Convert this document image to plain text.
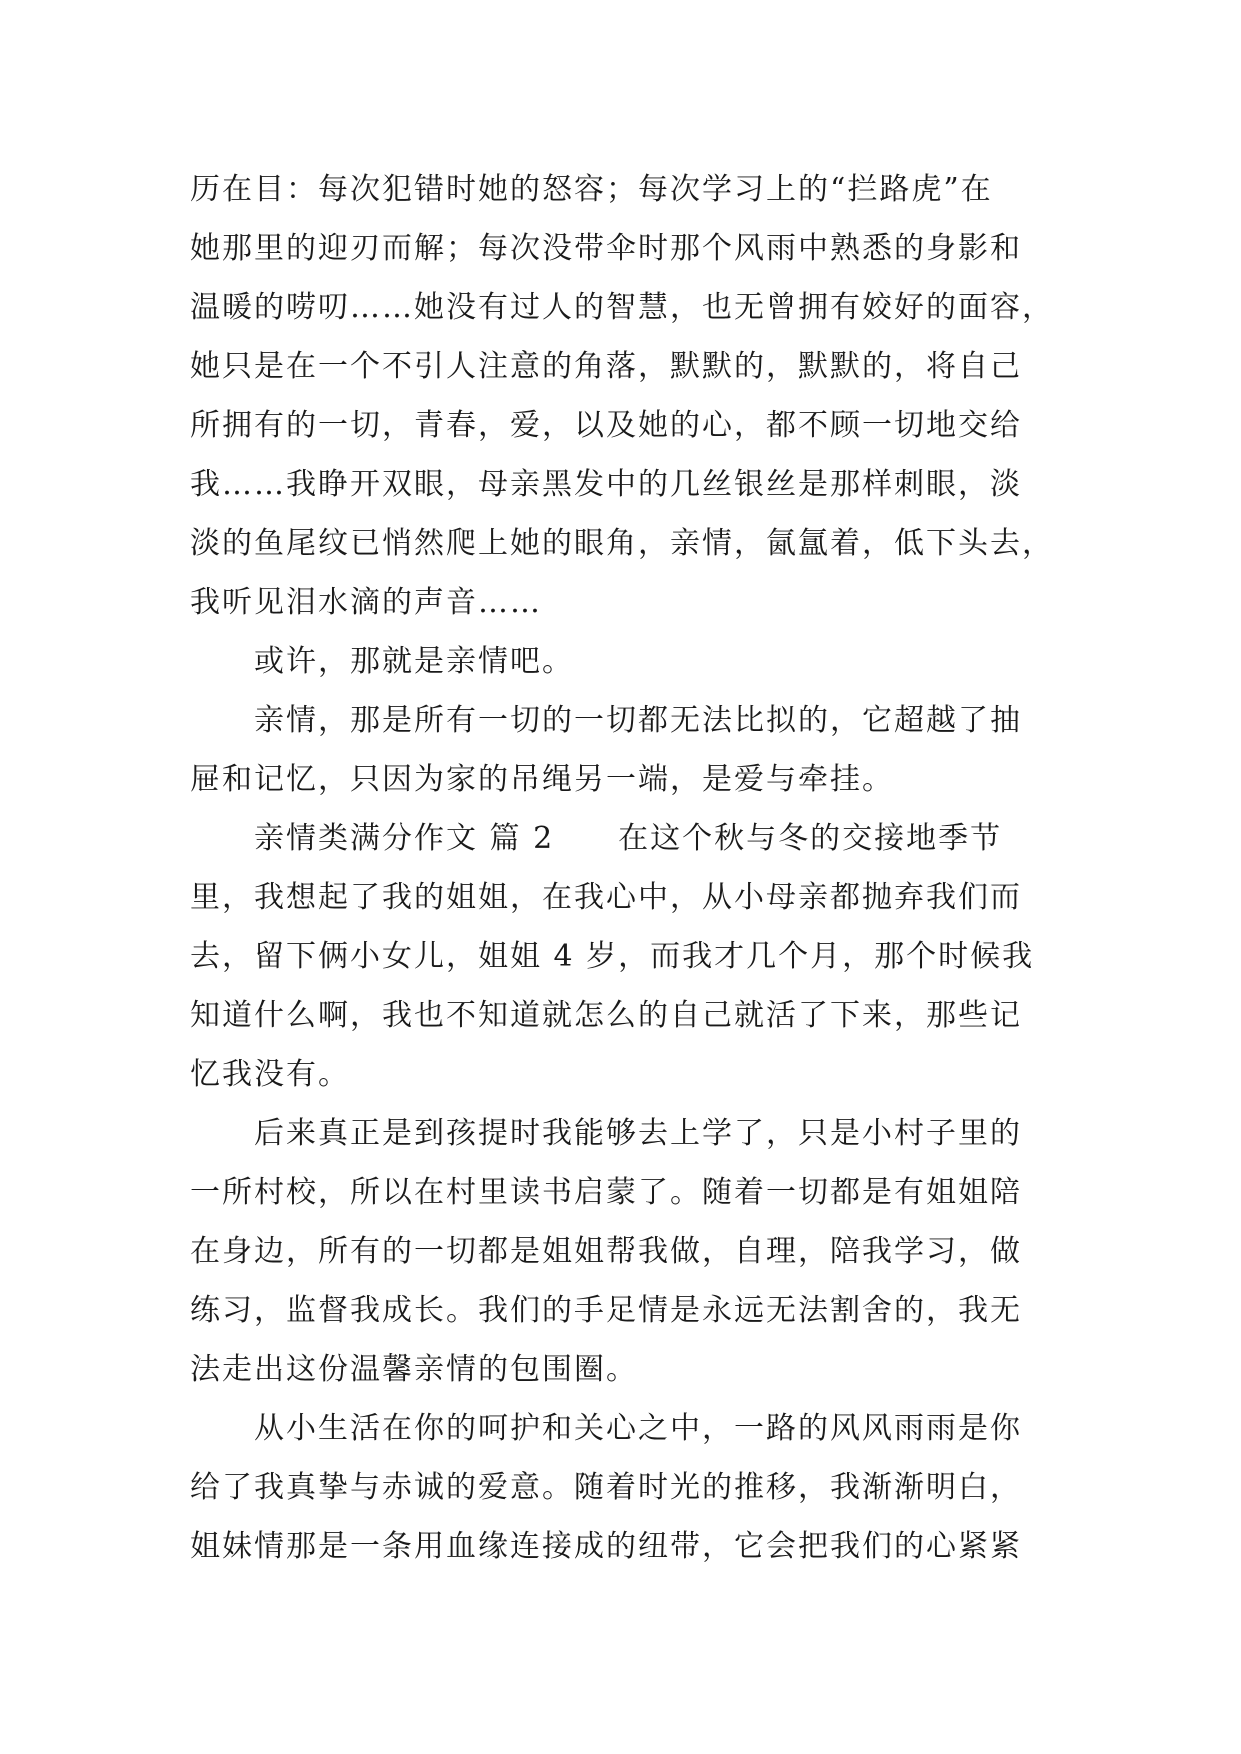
历在目：每次犯错时她的怒容；每次学习上的“拦路虎”在
她那里的迎刃而解；每次没带伞时那个风雨中熟悉的身影和
温暖的唠叨……她没有过人的智慧，也无曾拥有姣好的面容，
她只是在一个不引人注意的角落，默默的，默默的，将自己
所拥有的一切，青春，爱，以及她的心，都不顾一切地交给
我……我睁开双眼，母亲黑发中的几丝银丝是那样刺眼，淡
淡的鱼尾纹已悄然爬上她的眼角，亲情，氤氲着，低下头去，
我听见泪水滴的声音……
或许，那就是亲情吧。
亲情，那是所有一切的一切都无法比拟的，它超越了抽
屉和记忆，只因为家的吊绳另一端，是爱与牵挂。
亲情类满分作文 篇 2　　在这个秋与冬的交接地季节
里，我想起了我的姐姐，在我心中，从小母亲都抛弃我们而
去，留下俩小女儿，姐姐 4 岁，而我才几个月，那个时候我
知道什么啊，我也不知道就怎么的自己就活了下来，那些记
忆我没有。
后来真正是到孩提时我能够去上学了，只是小村子里的
一所村校，所以在村里读书启蒙了。随着一切都是有姐姐陪
在身边，所有的一切都是姐姐帮我做，自理，陪我学习，做
练习，监督我成长。我们的手足情是永远无法割舍的，我无
法走出这份温馨亲情的包围圈。
从小生活在你的呵护和关心之中，一路的风风雨雨是你
给了我真挚与赤诚的爱意。随着时光的推移，我渐渐明白，
姐妹情那是一条用血缘连接成的纽带，它会把我们的心紧紧
